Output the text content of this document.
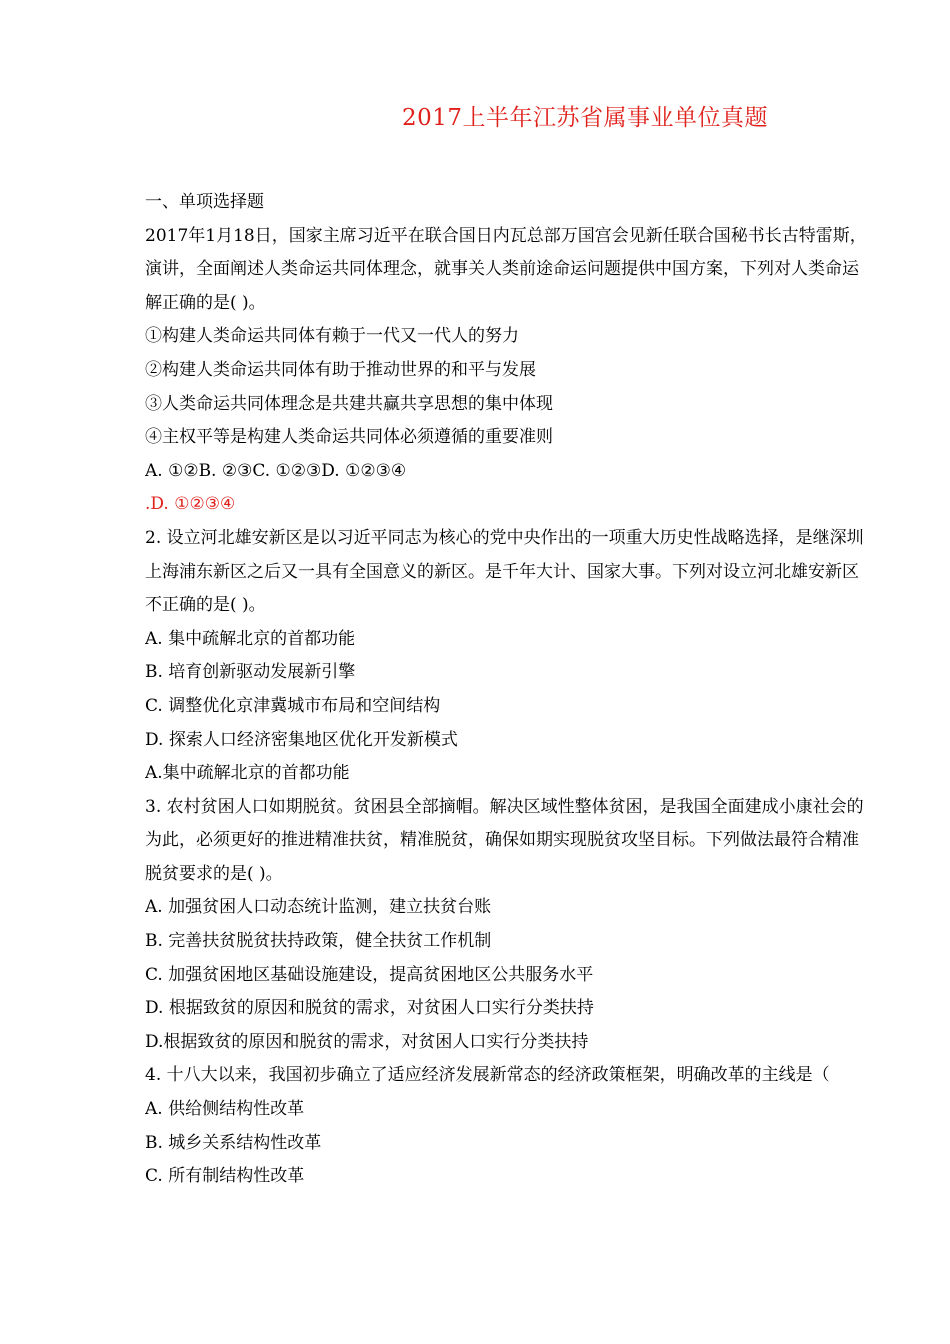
2017上半年江苏省属事业单位真题
一、单项选择题
2017年1月18日，国家主席习近平在联合国日内瓦总部万国宫会见新任联合国秘书长古特雷斯，
演讲，全面阐述人类命运共同体理念，就事关人类前途命运问题提供中国方案，下列对人类命运
解正确的是( )。
①构建人类命运共同体有赖于一代又一代人的努力
②构建人类命运共同体有助于推动世界的和平与发展
③人类命运共同体理念是共建共赢共享思想的集中体现
④主权平等是构建人类命运共同体必须遵循的重要准则
A. ①②B. ②③C. ①②③D. ①②③④
.D. ①②③④
2. 设立河北雄安新区是以习近平同志为核心的党中央作出的一项重大历史性战略选择，是继深圳
上海浦东新区之后又一具有全国意义的新区。是千年大计、国家大事。下列对设立河北雄安新区
不正确的是( )。
A. 集中疏解北京的首都功能
B. 培育创新驱动发展新引擎
C. 调整优化京津冀城市布局和空间结构
D. 探索人口经济密集地区优化开发新模式
A.集中疏解北京的首都功能
3. 农村贫困人口如期脱贫。贫困县全部摘帽。解决区域性整体贫困，是我国全面建成小康社会的
为此，必须更好的推进精准扶贫，精准脱贫，确保如期实现脱贫攻坚目标。下列做法最符合精准
脱贫要求的是( )。
A. 加强贫困人口动态统计监测，建立扶贫台账
B. 完善扶贫脱贫扶持政策，健全扶贫工作机制
C. 加强贫困地区基础设施建设，提高贫困地区公共服务水平
D. 根据致贫的原因和脱贫的需求，对贫困人口实行分类扶持
D.根据致贫的原因和脱贫的需求，对贫困人口实行分类扶持
4. 十八大以来，我国初步确立了适应经济发展新常态的经济政策框架，明确改革的主线是（
A. 供给侧结构性改革
B. 城乡关系结构性改革
C. 所有制结构性改革
